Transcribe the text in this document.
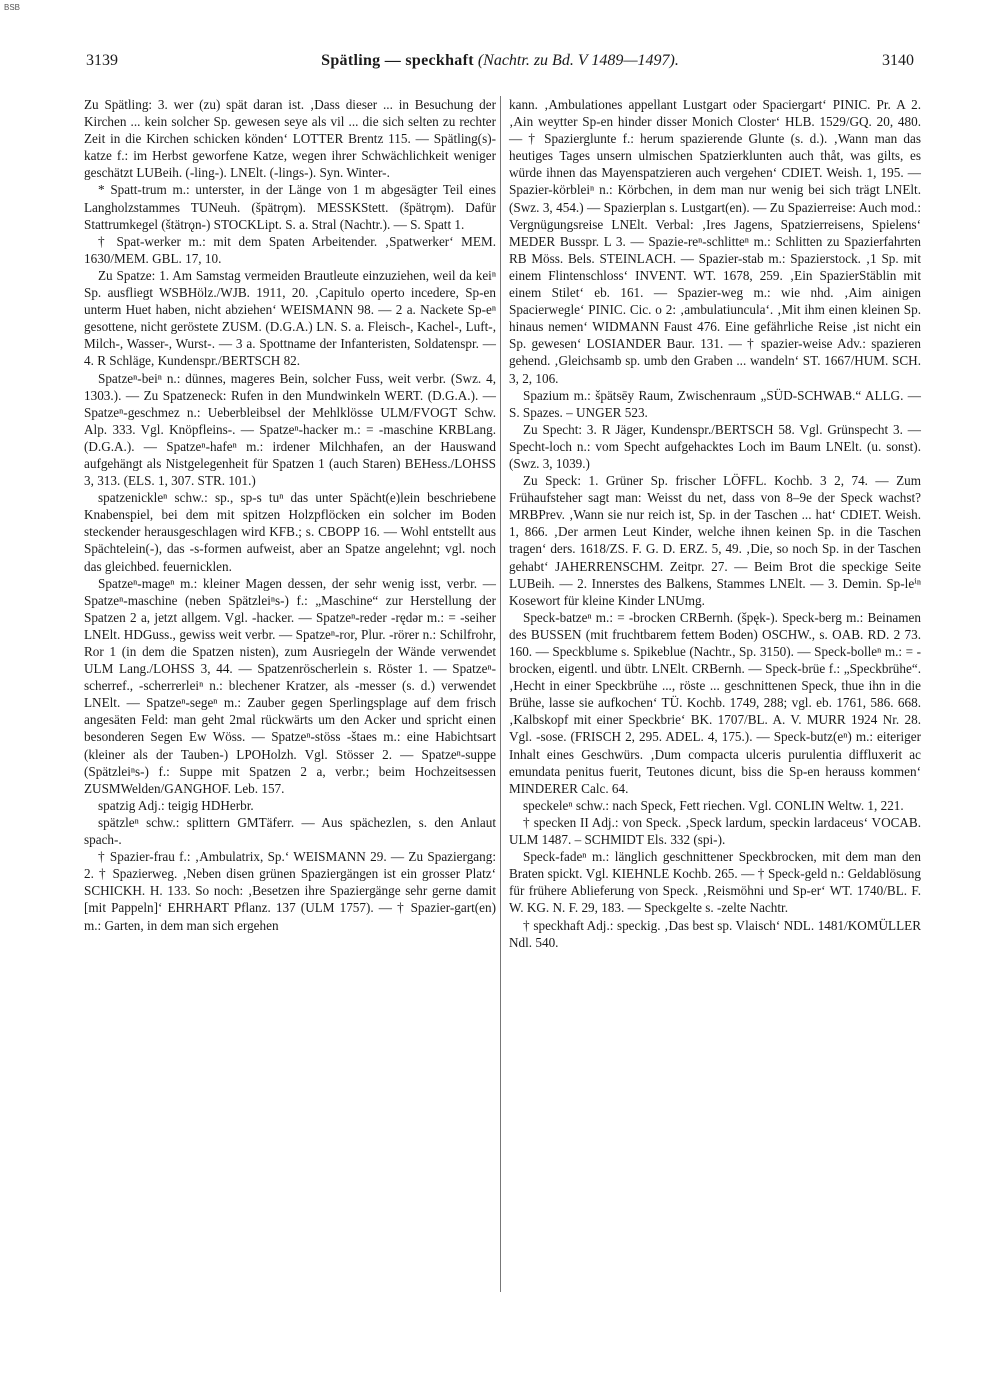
BSB
3139	Spätling — speckhaft (Nachtr. zu Bd. V 1489—1497).	3140

Zu Spätling: 3. wer (zu) spät daran ist. ‚Dass dieser ... in Besuchung der Kirchen ... kein solcher Sp. gewesen seye als vil ... die sich selten zu rechter Zeit in die Kirchen schicken könden‘ LOTTER Brentz 115. — Spätling(s)-katze f.: im Herbst geworfene Katze, wegen ihrer Schwächlichkeit weniger geschätzt LUBeih. (-ling-). LNElt. (-lings-). Syn. Winter-.

* Spatt-trum m.: unterster, in der Länge von 1 m abgesägter Teil eines Langholzstammes TUNeuh. (špätrǫm). MESSKStett. (špätrǫm). Dafür Stattrumkegel (štätrǫn-) STOCKLipt. S. a. Stral (Nachtr.). — S. Spatt 1.

† Spat-werker m.: mit dem Spaten Arbeitender. ‚Spatwerker‘ MEM. 1630/MEM. GBL. 17, 10.

Zu Spatze: 1. Am Samstag vermeiden Brautleute einzuziehen, weil da keiⁿ Sp. ausfliegt WSBHölz./WJB. 1911, 20. ‚Capitulo operto incedere, Sp-en unterm Huet haben, nicht abziehen‘ WEISMANN 98. — 2 a. Nackete Sp-eⁿ gesottene, nicht geröstete ZUSM. (D.G.A.) LN. S. a. Fleisch-, Kachel-, Luft-, Milch-, Wasser-, Wurst-. — 3 a. Spottname der Infanteristen, Soldatenspr. — 4. R Schläge, Kundenspr./BERTSCH 82.

Spatzeⁿ-beiⁿ n.: dünnes, mageres Bein, solcher Fuss, weit verbr. (Swz. 4, 1303.). — Zu Spatzeneck: Rufen in den Mundwinkeln WERT. (D.G.A.). — Spatzeⁿ-geschmez n.: Ueberbleibsel der Mehlklösse ULM/FVOGT Schw. Alp. 333. Vgl. Knöpfleins-. — Spatzeⁿ-hacker m.: = -maschine KRBLang. (D.G.A.). — Spatzeⁿ-hafeⁿ m.: irdener Milchhafen, an der Hauswand aufgehängt als Nistgelegenheit für Spatzen 1 (auch Staren) BEHess./LOHSS 3, 313. (ELS. 1, 307. STR. 101.)

spatzenickleⁿ schw.: sp., sp-s tuⁿ das unter Spächt(e)lein beschriebene Knabenspiel, bei dem mit spitzen Holzpflöcken ein solcher im Boden steckender herausgeschlagen wird KFB.; s. CBOPP 16. — Wohl entstellt aus Spächtelein(-), das -s-formen aufweist, aber an Spatze angelehnt; vgl. noch das gleichbed. feuernicklen.

Spatzeⁿ-mageⁿ m.: kleiner Magen dessen, der sehr wenig isst, verbr. — Spatzeⁿ-maschine (neben Spätzleiⁿs-) f.: „Maschine“ zur Herstellung der Spatzen 2 a, jetzt allgem. Vgl. -hacker. — Spatzeⁿ-reder -rędər m.: = -seiher LNElt. HDGuss., gewiss weit verbr. — Spatzeⁿ-ror, Plur. -rörer n.: Schilfrohr, Ror 1 (in dem die Spatzen nisten), zum Ausriegeln der Wände verwendet ULM Lang./LOHSS 3, 44. — Spatzenröscherlein s. Röster 1. — Spatzeⁿ-scherref., -scherrerleiⁿ n.: blechener Kratzer, als -messer (s. d.) verwendet LNElt. — Spatzeⁿ-segeⁿ m.: Zauber gegen Sperlingsplage auf dem frisch angesäten Feld: man geht 2mal rückwärts um den Acker und spricht einen besonderen Segen Ew Wöss. — Spatzeⁿ-stöss -štaes m.: eine Habichtsart (kleiner als der Tauben-) LPOHolzh. Vgl. Stösser 2. — Spatzeⁿ-suppe (Spätzleiⁿs-) f.: Suppe mit Spatzen 2 a, verbr.; beim Hochzeitsessen ZUSMWelden/GANGHOF. Leb. 157.

spatzig Adj.: teigig HDHerbr.

spätzleⁿ schw.: splittern GMTäferr. — Aus spächezlen, s. den Anlaut spach-.

† Spazier-frau f.: ‚Ambulatrix, Sp.‘ WEISMANN 29. — Zu Spaziergang: 2. † Spazierweg. ‚Neben disen grünen Spaziergängen ist ein grosser Platz‘ SCHICKH. H. 133. So noch: ‚Besetzen ihre Spaziergänge sehr gerne damit [mit Pappeln]‘ EHRHART Pflanz. 137 (ULM 1757). — † Spazier-gart(en) m.: Garten, in dem man sich ergehen

kann. ‚Ambulationes appellant Lustgart oder Spaciergart‘ PINIC. Pr. A 2. ‚Ain weytter Sp-en hinder disser Monich Closter‘ HLB. 1529/GQ. 20, 480. — † Spazierglunte f.: herum spazierende Glunte (s. d.). ‚Wann man das heutiges Tages unsern ulmischen Spatzierklunten auch thåt, was gilts, es würde ihnen das Mayenspatzieren auch vergehen‘ CDIET. Weish. 1, 195. — Spazier-körbleiⁿ n.: Körbchen, in dem man nur wenig bei sich trägt LNElt. (Swz. 3, 454.) — Spazierplan s. Lustgart(en). — Zu Spazierreise: Auch mod.: Vergnügungsreise LNElt. Verbal: ‚Ires Jagens, Spatzierreisens, Spielens‘ MEDER Busspr. L 3. — Spazie-reⁿ-schlitteⁿ m.: Schlitten zu Spazierfahrten RB Möss. Bels. STEINLACH. — Spazier-stab m.: Spazierstock. ‚1 Sp. mit einem Flintenschloss‘ INVENT. WT. 1678, 259. ‚Ein SpazierStäblin mit einem Stilet‘ eb. 161. — Spazier-weg m.: wie nhd. ‚Aim ainigen Spacierwegle‘ PINIC. Cic. o 2: ‚ambulatiuncula‘. ‚Mit ihm einen kleinen Sp. hinaus nemen‘ WIDMANN Faust 476. Eine gefährliche Reise ‚ist nicht ein Sp. gewesen‘ LOSIANDER Baur. 131. — † spazier-weise Adv.: spazieren gehend. ‚Gleichsamb sp. umb den Graben ... wandeln‘ ST. 1667/HUM. SCH. 3, 2, 106.

Spazium m.: špätsēy Raum, Zwischenraum „SÜD-SCHWAB.“ ALLG. — S. Spazes. – UNGER 523.

Zu Specht: 3. R Jäger, Kundenspr./BERTSCH 58. Vgl. Grünspecht 3. — Specht-loch n.: vom Specht aufgehacktes Loch im Baum LNElt. (u. sonst). (Swz. 3, 1039.)

Zu Speck: 1. Grüner Sp. frischer LÖFFL. Kochb. 3 2, 74. — Zum Frühaufsteher sagt man: Weisst du net, dass von 8–9e der Speck wachst? MRBPrev. ‚Wann sie nur reich ist, Sp. in der Taschen ... hat‘ CDIET. Weish. 1, 866. ‚Der armen Leut Kinder, welche ihnen keinen Sp. in die Taschen tragen‘ ders. 1618/ZS. F. G. D. ERZ. 5, 49. ‚Die, so noch Sp. in der Taschen gehabt‘ JAHERRENSCHM. Zeitpr. 27. — Beim Brot die speckige Seite LUBeih. — 2. Innerstes des Balkens, Stammes LNElt. — 3. Demin. Sp-leⁱⁿ Kosewort für kleine Kinder LNUmg.

Speck-batzeⁿ m.: = -brocken CRBernh. (špęk-). Speck-berg m.: Beinamen des BUSSEN (mit fruchtbarem fettem Boden) OSCHW., s. OAB. RD. 2 73. 160. — Speckblume s. Spikeblue (Nachtr., Sp. 3150). — Speck-bolleⁿ m.: = -brocken, eigentl. und übtr. LNElt. CRBernh. — Speck-brüe f.: „Speckbrühe“. ‚Hecht in einer Speckbrühe ..., röste ... geschnittenen Speck, thue ihn in die Brühe, lasse sie aufkochen‘ TÜ. Kochb. 1749, 288; vgl. eb. 1761, 586. 668. ‚Kalbskopf mit einer Speckbrie‘ BK. 1707/BL. A. V. MURR 1924 Nr. 28. Vgl. -sose. (FRISCH 2, 295. ADEL. 4, 175.). — Speck-butz(eⁿ) m.: eiteriger Inhalt eines Geschwürs. ‚Dum compacta ulceris purulentia diffluxerit ac emundata penitus fuerit, Teutones dicunt, biss die Sp-en herauss kommen‘ MINDERER Calc. 64.

speckeleⁿ schw.: nach Speck, Fett riechen. Vgl. CONLIN Weltw. 1, 221.

† specken II Adj.: von Speck. ‚Speck lardum, speckin lardaceus‘ VOCAB. ULM 1487. – SCHMIDT Els. 332 (spi-).

Speck-fadeⁿ m.: länglich geschnittener Speckbrocken, mit dem man den Braten spickt. Vgl. KIEHNLE Kochb. 265. — † Speck-geld n.: Geldablösung für frühere Ablieferung von Speck. ‚Reismöhni und Sp-er‘ WT. 1740/BL. F. W. KG. N. F. 29, 183. — Speckgelte s. -zelte Nachtr.

† speckhaft Adj.: speckig. ‚Das best sp. Vlaisch‘ NDL. 1481/KOMÜLLER Ndl. 540.
